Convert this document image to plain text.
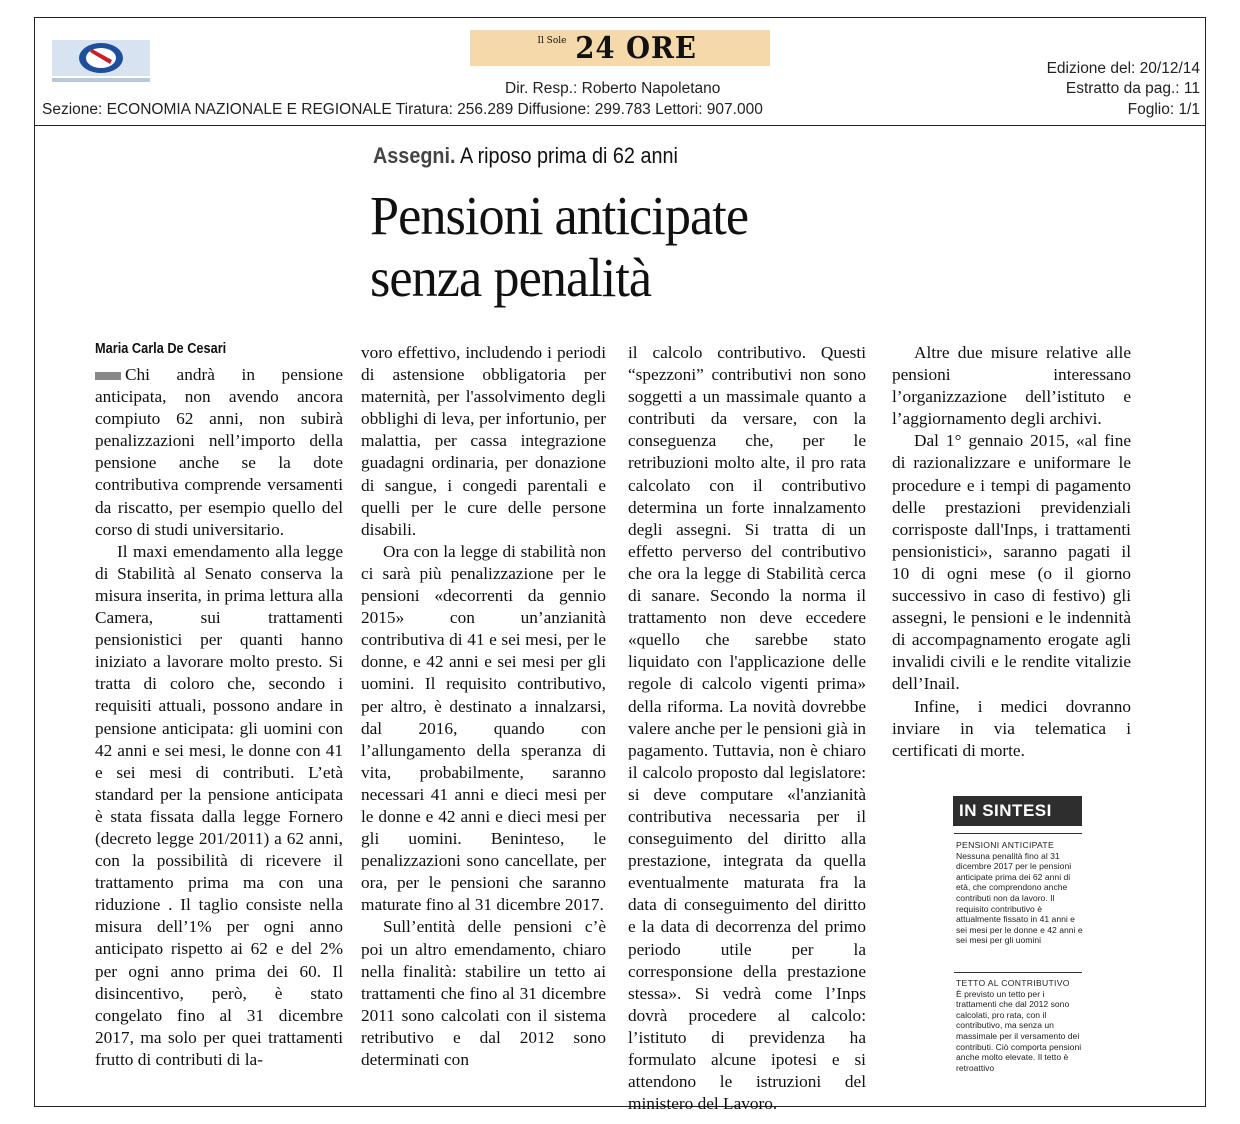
Il Sole 24 ORE
Dir. Resp.: Roberto Napoletano
Sezione: ECONOMIA NAZIONALE E REGIONALE Tiratura: 256.289 Diffusione: 299.783 Lettori: 907.000
Edizione del: 20/12/14
Estratto da pag.: 11
Foglio: 1/1
Assegni. A riposo prima di 62 anni
Pensioni anticipate
senza penalità
Maria Carla De Cesari

Chi andrà in pensione anticipata, non avendo ancora compiuto 62 anni, non subirà penalizzazioni nell’importo della pensione anche se la dote contributiva comprende versamenti da riscatto, per esempio quello del corso di studi universitario.

Il maxi emendamento alla legge di Stabilità al Senato conserva la misura inserita, in prima lettura alla Camera, sui trattamenti pensionistici per quanti hanno iniziato a lavorare molto presto. Si tratta di coloro che, secondo i requisiti attuali, possono andare in pensione anticipata: gli uomini con 42 anni e sei mesi, le donne con 41 e sei mesi di contributi. L’età standard per la pensione anticipata è stata fissata dalla legge Fornero (decreto legge 201/2011) a 62 anni, con la possibilità di ricevere il trattamento prima ma con una riduzione . Il taglio consiste nella misura dell’1% per ogni anno anticipato rispetto ai 62 e del 2% per ogni anno prima dei 60. Il disincentivo, però, è stato congelato fino al 31 dicembre 2017, ma solo per quei trattamenti frutto di contributi di la-

voro effettivo, includendo i periodi di astensione obbligatoria per maternità, per l'assolvimento degli obblighi di leva, per infortunio, per malattia, per cassa integrazione guadagni ordinaria, per donazione di sangue, i congedi parentali e quelli per le cure delle persone disabili.

Ora con la legge di stabilità non ci sarà più penalizzazione per le pensioni «decorrenti da gennio 2015» con un’anzianità contributiva di 41 e sei mesi, per le donne, e 42 anni e sei mesi per gli uomini. Il requisito contributivo, per altro, è destinato a innalzarsi, dal 2016, quando con l’allungamento della speranza di vita, probabilmente, saranno necessari 41 anni e dieci mesi per le donne e 42 anni e dieci mesi per gli uomini. Beninteso, le penalizzazioni sono cancellate, per ora, per le pensioni che saranno maturate fino al 31 dicembre 2017.

Sull’entità delle pensioni c’è poi un altro emendamento, chiaro nella finalità: stabilire un tetto ai trattamenti che fino al 31 dicembre 2011 sono calcolati con il sistema retributivo e dal 2012 sono determinati con

il calcolo contributivo. Questi “spezzoni” contributivi non sono soggetti a un massimale quanto a contributi da versare, con la conseguenza che, per le retribuzioni molto alte, il pro rata calcolato con il contributivo determina un forte innalzamento degli assegni. Si tratta di un effetto perverso del contributivo che ora la legge di Stabilità cerca di sanare. Secondo la norma il trattamento non deve eccedere «quello che sarebbe stato liquidato con l'applicazione delle regole di calcolo vigenti prima» della riforma. La novità dovrebbe valere anche per le pensioni già in pagamento. Tuttavia, non è chiaro il calcolo proposto dal legislatore: si deve computare «l'anzianità contributiva necessaria per il conseguimento del diritto alla prestazione, integrata da quella eventualmente maturata fra la data di conseguimento del diritto e la data di decorrenza del primo periodo utile per la corresponsione della prestazione stessa». Si vedrà come l’Inps dovrà procedere al calcolo: l’istituto di previdenza ha formulato alcune ipotesi e si attendono le istruzioni del ministero del Lavoro.

Altre due misure relative alle pensioni interessano l’organizzazione dell’istituto e l’aggiornamento degli archivi.

Dal 1° gennaio 2015, «al fine di razionalizzare e uniformare le procedure e i tempi di pagamento delle prestazioni previdenziali corrisposte dall'Inps, i trattamenti pensionistici», saranno pagati il 10 di ogni mese (o il giorno successivo in caso di festivo) gli assegni, le pensioni e le indennità di accompagnamento erogate agli invalidi civili e le rendite vitalizie dell’Inail.

Infine, i medici dovranno inviare in via telematica i certificati di morte.

IN SINTESI
PENSIONI ANTICIPATE
Nessuna penalità fino al 31 dicembre 2017 per le pensioni anticipate prima dei 62 anni di età, che comprendono anche contributi non da lavoro. Il requisito contributivo è attualmente fissato in 41 anni e sei mesi per le donne e 42 anni e sei mesi per gli uomini
TETTO AL CONTRIBUTIVO
È previsto un tetto per i trattamenti che dal 2012 sono calcolati, pro rata, con il contributivo, ma senza un massimale per il versamento dei contributi. Ciò comporta pensioni anche molto elevate. Il tetto è retroattivo
